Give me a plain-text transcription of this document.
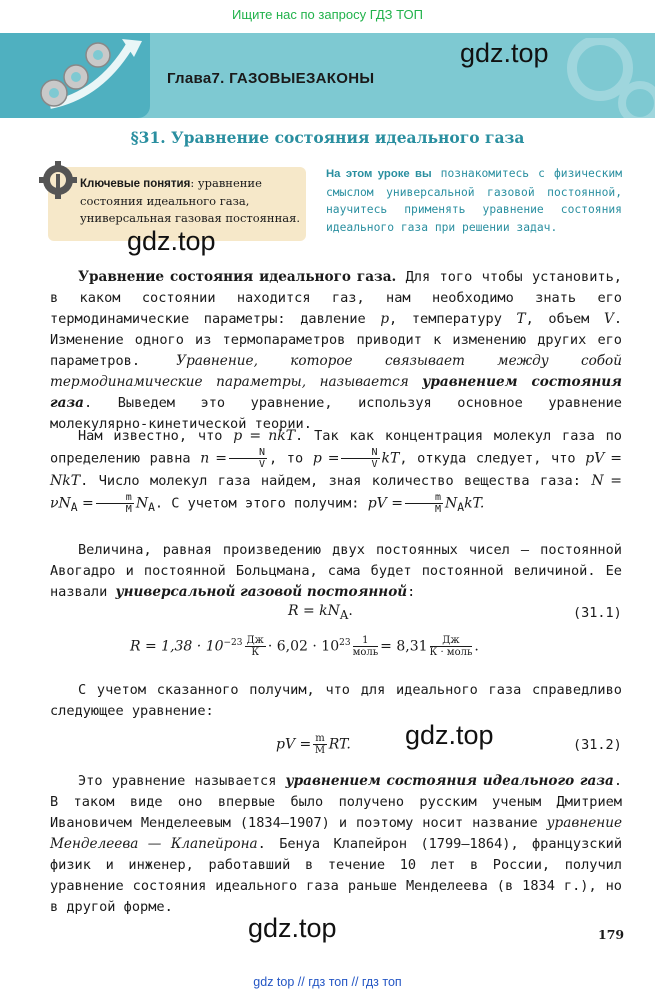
Ищите нас по запросу ГДЗ ТОП
Глава7. ГАЗОВЫЕЗАКОНЫ
gdz.top
§31. Уравнение состояния идеального газа
Ключевые понятия: уравнение состояния идеального газа, универсальная газовая постоянная.
gdz.top
На этом уроке вы познакомитесь с физическим смыслом универсальной газовой постоянной, научитесь применять уравнение состояния идеального газа при решении задач.
Уравнение состояния идеального газа. Для того чтобы установить, в каком состоянии находится газ, нам необходимо знать его термодинамические параметры: давление p, температуру T, объем V. Изменение одного из термопараметров приводит к изменению других его параметров. Уравнение, которое связывает между собой термодинамические параметры, называется уравнением состояния газа. Выведем это уравнение, используя основное уравнение молекулярно-кинетической теории.
Нам известно, что p = nkT. Так как концентрация молекул газа по определению равна $n = \frac{N}{V}$ , то $p = \frac{N}{V}$ kT, откуда следует, что pV = NkT. Число молекул газа найдем, зная количество вещества газа: $N = \nu N_A = \frac{m}{M} N_A$. С учетом этого получим: pV = $\frac{m}{M} N_AkT$.
Величина, равная произведению двух постоянных чисел — постоянной Авогадро и постоянной Больцмана, сама будет постоянной величиной. Ее назвали универсальной газовой постоянной:
$R = kN_A$.	(31.1)
$R = 1,38 \cdot 10^{-23} \frac{Дж}{К} \cdot 6,02 \cdot 10^{23} \frac{1}{\text{моль}} = 8,31 \frac{Дж}{\text{К · моль}}$ .
С учетом сказанного получим, что для идеального газа справедливо следующее уравнение:
pV = $\frac{m}{M}$ RT. gdz.top	(31.2)
Это уравнение называется уравнением состояния идеального газа. В таком виде оно впервые было получено русским ученым Дмитрием Ивановичем Менделеевым (1834—1907) и поэтому носит название уравнение Менделеева — Клапейрона. Бенуа Клапейрон (1799—1864), французский физик и инженер, работавший в течение 10 лет в России, получил уравнение состояния идеального газа раньше Менделеева (в 1834 г.), но в другой форме.
gdz.top	179
gdz top // гдз топ // гдз топ
